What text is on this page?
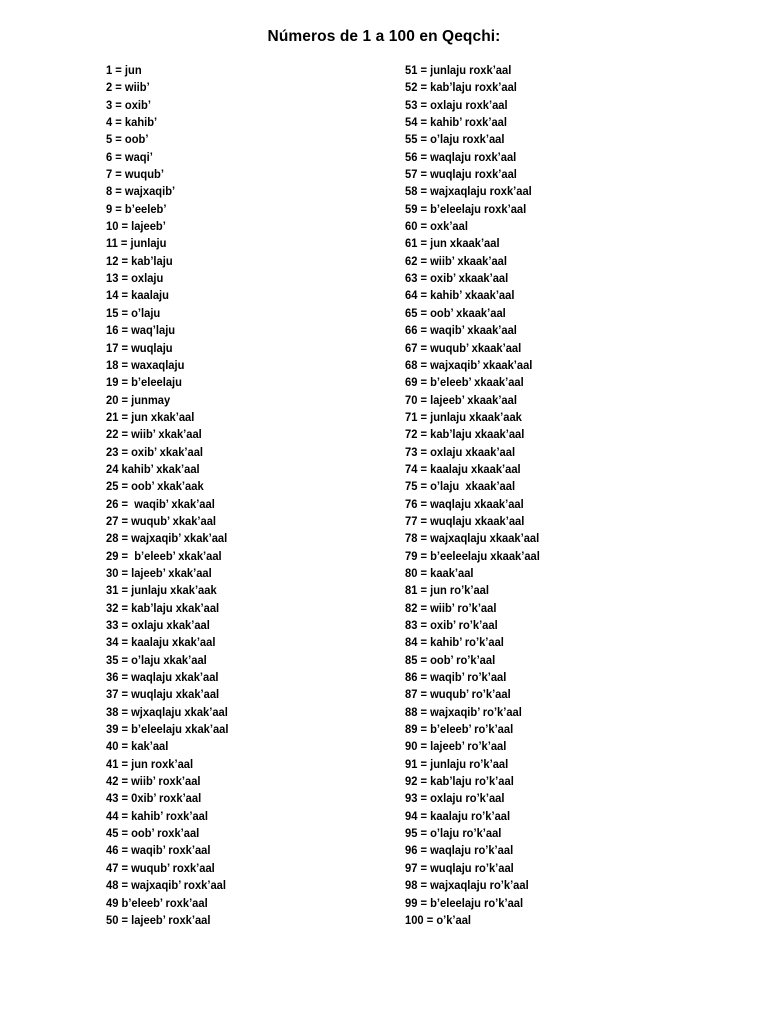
Números de 1 a 100 en Qeqchi:
1 = jun
2 = wiib’
3 = oxib’
4 = kahib’
5 = oob’
6 = waqi’
7 = wuqub’
8 = wajxaqib’
9 = b’eeleb’
10 = lajeeb’
11 = junlaju
12 = kab’laju
13 = oxlaju
14 = kaalaju
15 = o’laju
16 = waq’laju
17 = wuqlaju
18 = waxaqlaju
19 = b’eleelaju
20 = junmay
21 = jun xkak’aal
22 = wiib’ xkak’aal
23 = oxib’ xkak’aal
24 kahib’ xkak’aal
25 = oob’ xkak’aak
26 =  waqib’ xkak’aal
27 = wuqub’ xkak’aal
28 = wajxaqib’ xkak’aal
29 =  b’eleeb’ xkak’aal
30 = lajeeb’ xkak’aal
31 = junlaju xkak’aak
32 = kab’laju xkak’aal
33 = oxlaju xkak’aal
34 = kaalaju xkak’aal
35 = o’laju xkak’aal
36 = waqlaju xkak’aal
37 = wuqlaju xkak’aal
38 = wjxaqlaju xkak’aal
39 = b’eleelaju xkak’aal
40 = kak’aal
41 = jun roxk’aal
42 = wiib’ roxk’aal
43 = 0xib’ roxk’aal
44 = kahib’ roxk’aal
45 = oob’ roxk’aal
46 = waqib’ roxk’aal
47 = wuqub’ roxk’aal
48 = wajxaqib’ roxk’aal
49 b’eleeb’ roxk’aal
50 = lajeeb’ roxk’aal
51 = junlaju roxk’aal
52 = kab’laju roxk’aal
53 = oxlaju roxk’aal
54 = kahib’ roxk’aal
55 = o’laju roxk’aal
56 = waqlaju roxk’aal
57 = wuqlaju roxk’aal
58 = wajxaqlaju roxk’aal
59 = b’eleelaju roxk’aal
60 = oxk’aal
61 = jun xkaak’aal
62 = wiib’ xkaak’aal
63 = oxib’ xkaak’aal
64 = kahib’ xkaak’aal
65 = oob’ xkaak’aal
66 = waqib’ xkaak’aal
67 = wuqub’ xkaak’aal
68 = wajxaqib’ xkaak’aal
69 = b’eleeb’ xkaak’aal
70 = lajeeb’ xkaak’aal
71 = junlaju xkaak’aak
72 = kab’laju xkaak’aal
73 = oxlaju xkaak’aal
74 = kaalaju xkaak’aal
75 = o’laju  xkaak’aal
76 = waqlaju xkaak’aal
77 = wuqlaju xkaak’aal
78 = wajxaqlaju xkaak’aal
79 = b’eeleelaju xkaak’aal
80 = kaak’aal
81 = jun ro’k’aal
82 = wiib’ ro’k’aal
83 = oxib’ ro’k’aal
84 = kahib’ ro’k’aal
85 = oob’ ro’k’aal
86 = waqib’ ro’k’aal
87 = wuqub’ ro’k’aal
88 = wajxaqib’ ro’k’aal
89 = b’eleeb’ ro’k’aal
90 = lajeeb’ ro’k’aal
91 = junlaju ro’k’aal
92 = kab’laju ro’k’aal
93 = oxlaju ro’k’aal
94 = kaalaju ro’k’aal
95 = o’laju ro’k’aal
96 = waqlaju ro’k’aal
97 = wuqlaju ro’k’aal
98 = wajxaqlaju ro’k’aal
99 = b’eleelaju ro’k’aal
100 = o’k’aal
